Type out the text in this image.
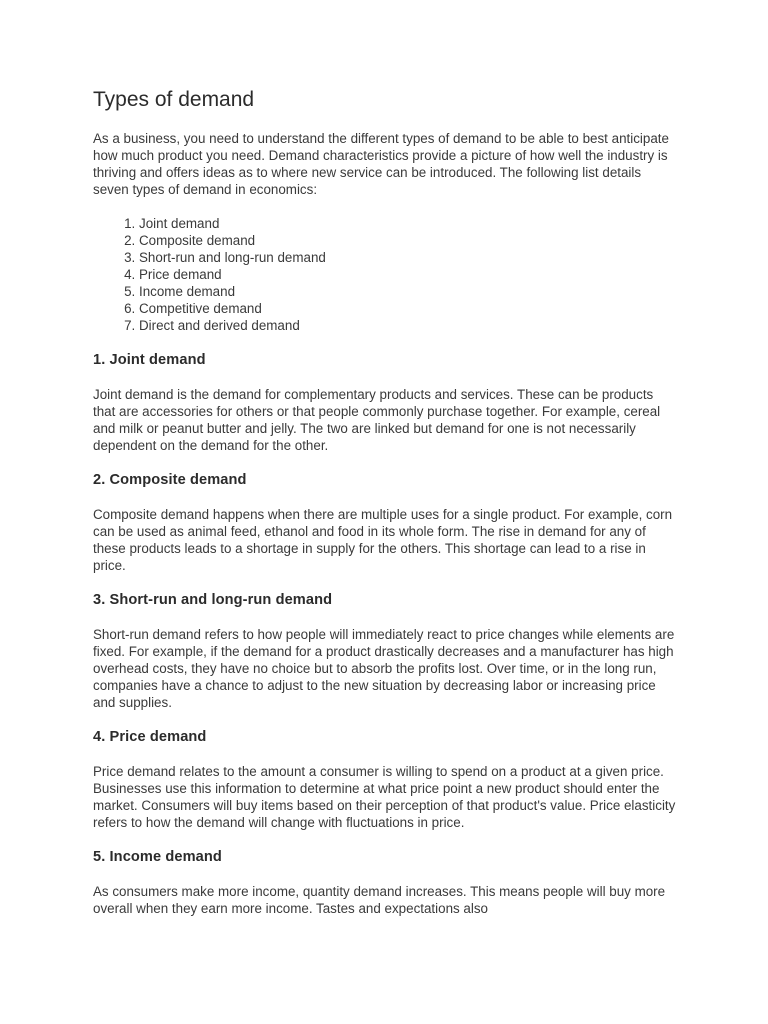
Types of demand

As a business, you need to understand the different types of demand to be able to best anticipate how much product you need. Demand characteristics provide a picture of how well the industry is thriving and offers ideas as to where new service can be introduced. The following list details seven types of demand in economics:

1. Joint demand
2. Composite demand
3. Short-run and long-run demand
4. Price demand
5. Income demand
6. Competitive demand
7. Direct and derived demand
1. Joint demand

Joint demand is the demand for complementary products and services. These can be products that are accessories for others or that people commonly purchase together. For example, cereal and milk or peanut butter and jelly. The two are linked but demand for one is not necessarily dependent on the demand for the other.

2. Composite demand

Composite demand happens when there are multiple uses for a single product. For example, corn can be used as animal feed, ethanol and food in its whole form. The rise in demand for any of these products leads to a shortage in supply for the others. This shortage can lead to a rise in price.

3. Short-run and long-run demand

Short-run demand refers to how people will immediately react to price changes while elements are fixed. For example, if the demand for a product drastically decreases and a manufacturer has high overhead costs, they have no choice but to absorb the profits lost. Over time, or in the long run, companies have a chance to adjust to the new situation by decreasing labor or increasing price and supplies.

4. Price demand

Price demand relates to the amount a consumer is willing to spend on a product at a given price. Businesses use this information to determine at what price point a new product should enter the market. Consumers will buy items based on their perception of that product's value. Price elasticity refers to how the demand will change with fluctuations in price.

5. Income demand

As consumers make more income, quantity demand increases. This means people will buy more overall when they earn more income. Tastes and expectations also
